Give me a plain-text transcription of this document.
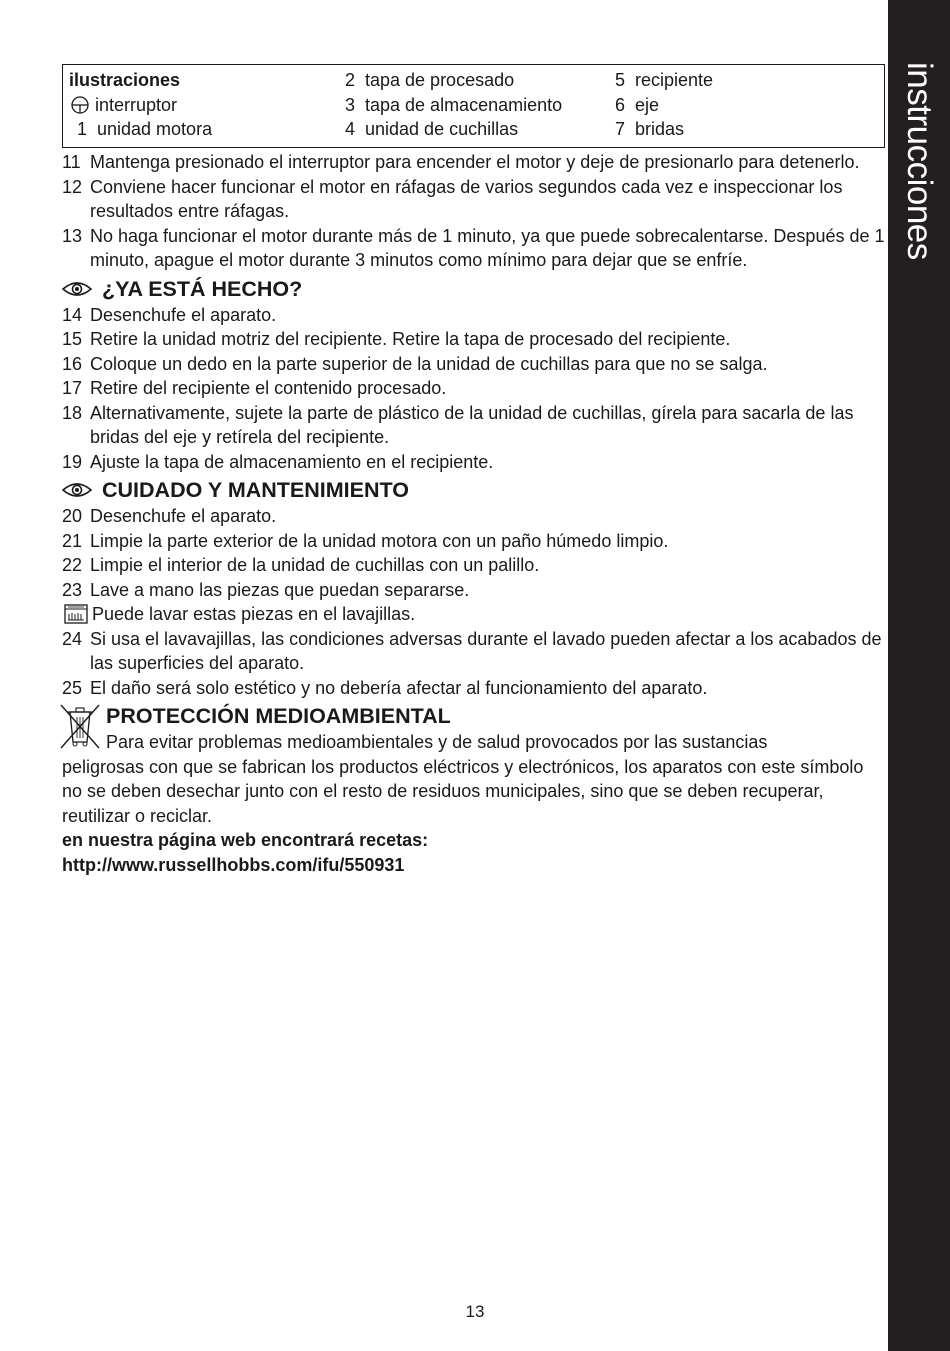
instrucciones
ilustraciones
interruptor
1 unidad motora
2 tapa de procesado
3 tapa de almacenamiento
4 unidad de cuchillas
5 recipiente
6 eje
7 bridas
11 Mantenga presionado el interruptor para encender el motor y deje de presionarlo para detenerlo.
12 Conviene hacer funcionar el motor en ráfagas de varios segundos cada vez e inspeccionar los resultados entre ráfagas.
13 No haga funcionar el motor durante más de 1 minuto, ya que puede sobrecalentarse. Después de 1 minuto, apague el motor durante 3 minutos como mínimo para dejar que se enfríe.
¿YA ESTÁ HECHO?
14 Desenchufe el aparato.
15 Retire la unidad motriz del recipiente. Retire la tapa de procesado del recipiente.
16 Coloque un dedo en la parte superior de la unidad de cuchillas para que no se salga.
17 Retire del recipiente el contenido procesado.
18 Alternativamente, sujete la parte de plástico de la unidad de cuchillas, gírela para sacarla de las bridas del eje y retírela del recipiente.
19 Ajuste la tapa de almacenamiento en el recipiente.
CUIDADO Y MANTENIMIENTO
20 Desenchufe el aparato.
21 Limpie la parte exterior de la unidad motora con un paño húmedo limpio.
22 Limpie el interior de la unidad de cuchillas con un palillo.
23 Lave a mano las piezas que puedan separarse.
Puede lavar estas piezas en el lavajillas.
24 Si usa el lavavajillas, las condiciones adversas durante el lavado pueden afectar a los acabados de las superficies del aparato.
25 El daño será solo estético y no debería afectar al funcionamiento del aparato.
PROTECCIÓN MEDIOAMBIENTAL
Para evitar problemas medioambientales y de salud provocados por las sustancias
peligrosas con que se fabrican los productos eléctricos y electrónicos, los aparatos con este símbolo no se deben desechar junto con el resto de residuos municipales, sino que se deben recuperar, reutilizar o reciclar.
en nuestra página web encontrará recetas:
http://www.russellhobbs.com/ifu/550931
13
